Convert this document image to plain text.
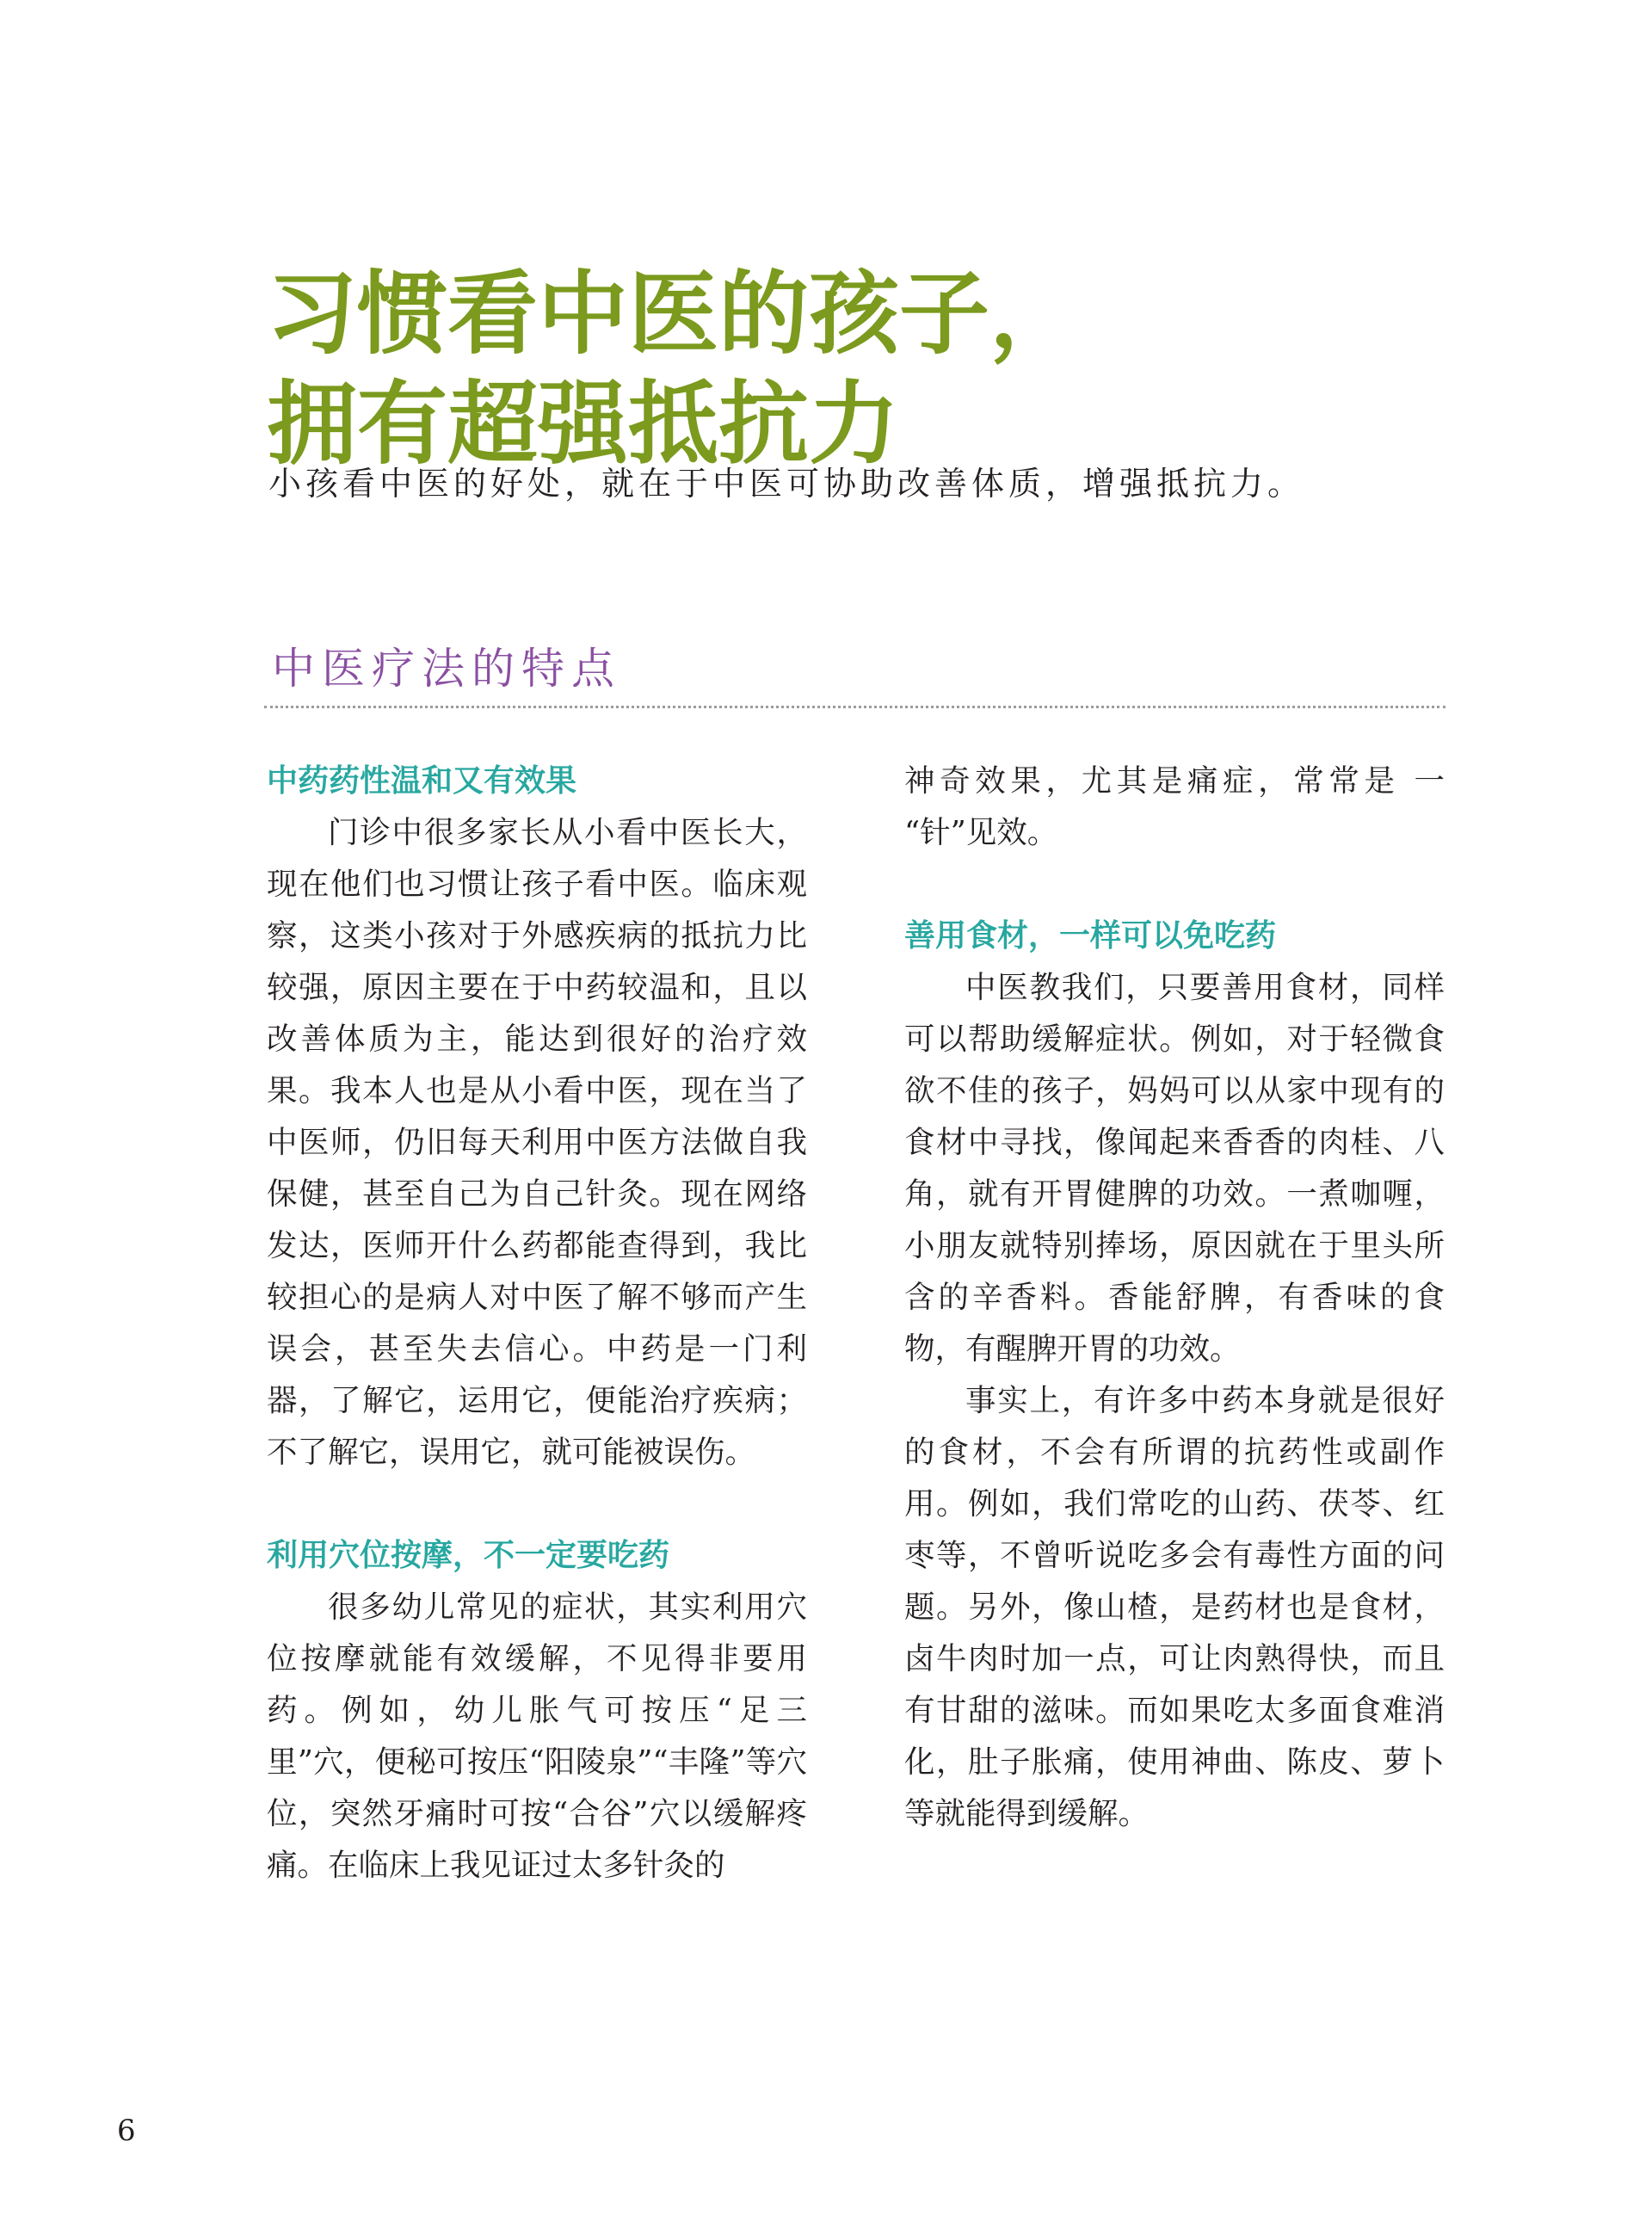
习惯看中医的孩子，
拥有超强抵抗力

小孩看中医的好处，就在于中医可协助改善体质，增强抵抗力。

中医疗法的特点
中药药性温和又有效果

门诊中很多家长从小看中医长大，现在他们也习惯让孩子看中医。临床观察，这类小孩对于外感疾病的抵抗力比较强，原因主要在于中药较温和，且以改善体质为主，能达到很好的治疗效果。我本人也是从小看中医，现在当了中医师，仍旧每天利用中医方法做自我保健，甚至自己为自己针灸。现在网络发达，医师开什么药都能查得到，我比较担心的是病人对中医了解不够而产生误会，甚至失去信心。中药是一门利器，了解它，运用它，便能治疗疾病；不了解它，误用它，就可能被误伤。

利用穴位按摩，不一定要吃药

很多幼儿常见的症状，其实利用穴位按摩就能有效缓解，不见得非要用药。例如，幼儿胀气可按压“足三里”穴，便秘可按压“阳陵泉”“丰隆”等穴位，突然牙痛时可按“合谷”穴以缓解疼痛。在临床上我见证过太多针灸的

神奇效果，尤其是痛症，常常是 一 “针”见效。

善用食材，一样可以免吃药

中医教我们，只要善用食材，同样可以帮助缓解症状。例如，对于轻微食欲不佳的孩子，妈妈可以从家中现有的食材中寻找，像闻起来香香的肉桂、八角，就有开胃健脾的功效。一煮咖喱，小朋友就特别捧场，原因就在于里头所含的辛香料。香能舒脾，有香味的食物，有醒脾开胃的功效。

事实上，有许多中药本身就是很好的食材，不会有所谓的抗药性或副作用。例如，我们常吃的山药、茯苓、红枣等，不曾听说吃多会有毒性方面的问题。另外，像山楂，是药材也是食材，卤牛肉时加一点，可让肉熟得快，而且有甘甜的滋味。而如果吃太多面食难消化，肚子胀痛，使用神曲、陈皮、萝卜等就能得到缓解。

6
